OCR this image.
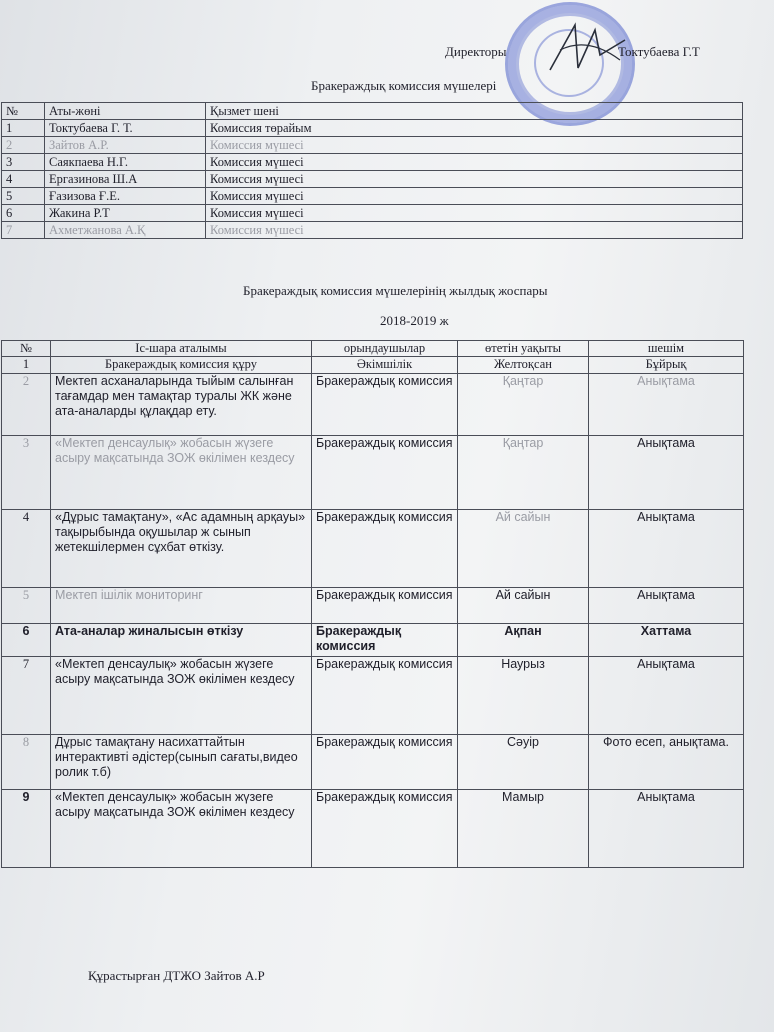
Директоры	Токтубаева Г.Т
Бракераждық комиссия мүшелері
№	Аты-жөні	Қызмет шені
1	Токтубаева Г. Т.	Комиссия төрайым
2	Зайтов А.Р.	Комиссия мүшесі
3	Саякпаева Н.Г.	Комиссия мүшесі
4	Ергазинова Ш.А	Комиссия мүшесі
5	Ғазизова Ғ.Е.	Комиссия мүшесі
6	Жакина Р.Т	Комиссия мүшесі
7	Ахметжанова А.Қ	Комиссия мүшесі
Бракераждық комиссия мүшелерінің жылдық жоспары
2018-2019 ж
№	Іс-шара аталымы	орындаушылар	өтетін уақыты	шешім
1	Бракераждық комиссия құру	Әкімшілік	Желтоқсан	Бұйрық
2	Мектеп асханаларында тыйым салынған тағамдар мен тамақтар туралы ЖК және ата-аналарды құлақдар ету.	Бракераждық комиссия	Қаңтар	Анықтама
3	«Мектеп денсаулық» жобасын жүзеге асыру мақсатында ЗОЖ өкілімен кездесу	Бракераждық комиссия	Қаңтар	Анықтама
4	«Дұрыс тамақтану», «Ас адамның арқауы» тақырыбында оқушылар ж сынып жетекшілермен сұхбат өткізу.	Бракераждық комиссия	Ай сайын	Анықтама
5	Мектеп ішілік мониторинг	Бракераждық комиссия	Ай сайын	Анықтама
6	Ата-аналар жиналысын өткізу	Бракераждық комиссия	Ақпан	Хаттама
7	«Мектеп денсаулық» жобасын жүзеге асыру мақсатында ЗОЖ өкілімен кездесу	Бракераждық комиссия	Наурыз	Анықтама
8	Дұрыс тамақтану насихаттайтын интерактивті әдістер(сынып сағаты,видео ролик т.б)	Бракераждық комиссия	Сәуір	Фото есеп, анықтама.
9	«Мектеп денсаулық» жобасын жүзеге асыру мақсатында ЗОЖ өкілімен кездесу	Бракераждық комиссия	Мамыр	Анықтама
Құрастырған ДТЖО Зайтов А.Р
